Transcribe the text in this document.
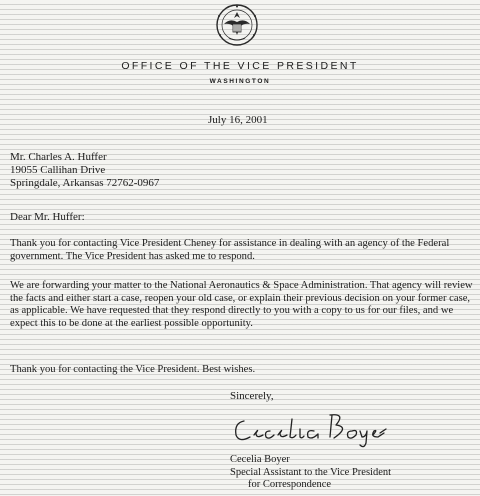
OFFICE OF THE VICE PRESIDENT
WASHINGTON
July 16, 2001
Mr. Charles A. Huffer
19055 Callihan Drive
Springdale, Arkansas 72762-0967
Dear Mr. Huffer:

Thank you for contacting Vice President Cheney for assistance in dealing with an agency of the Federal government. The Vice President has asked me to respond.

We are forwarding your matter to the National Aeronautics & Space Administration. That agency will review the facts and either start a case, reopen your old case, or explain their previous decision on your former case, as applicable. We have requested that they respond directly to you with a copy to us for our files, and we expect this to be done at the earliest possible opportunity.

Thank you for contacting the Vice President. Best wishes.

Sincerely,
Cecelia Boyer
Special Assistant to the Vice President
for Correspondence
